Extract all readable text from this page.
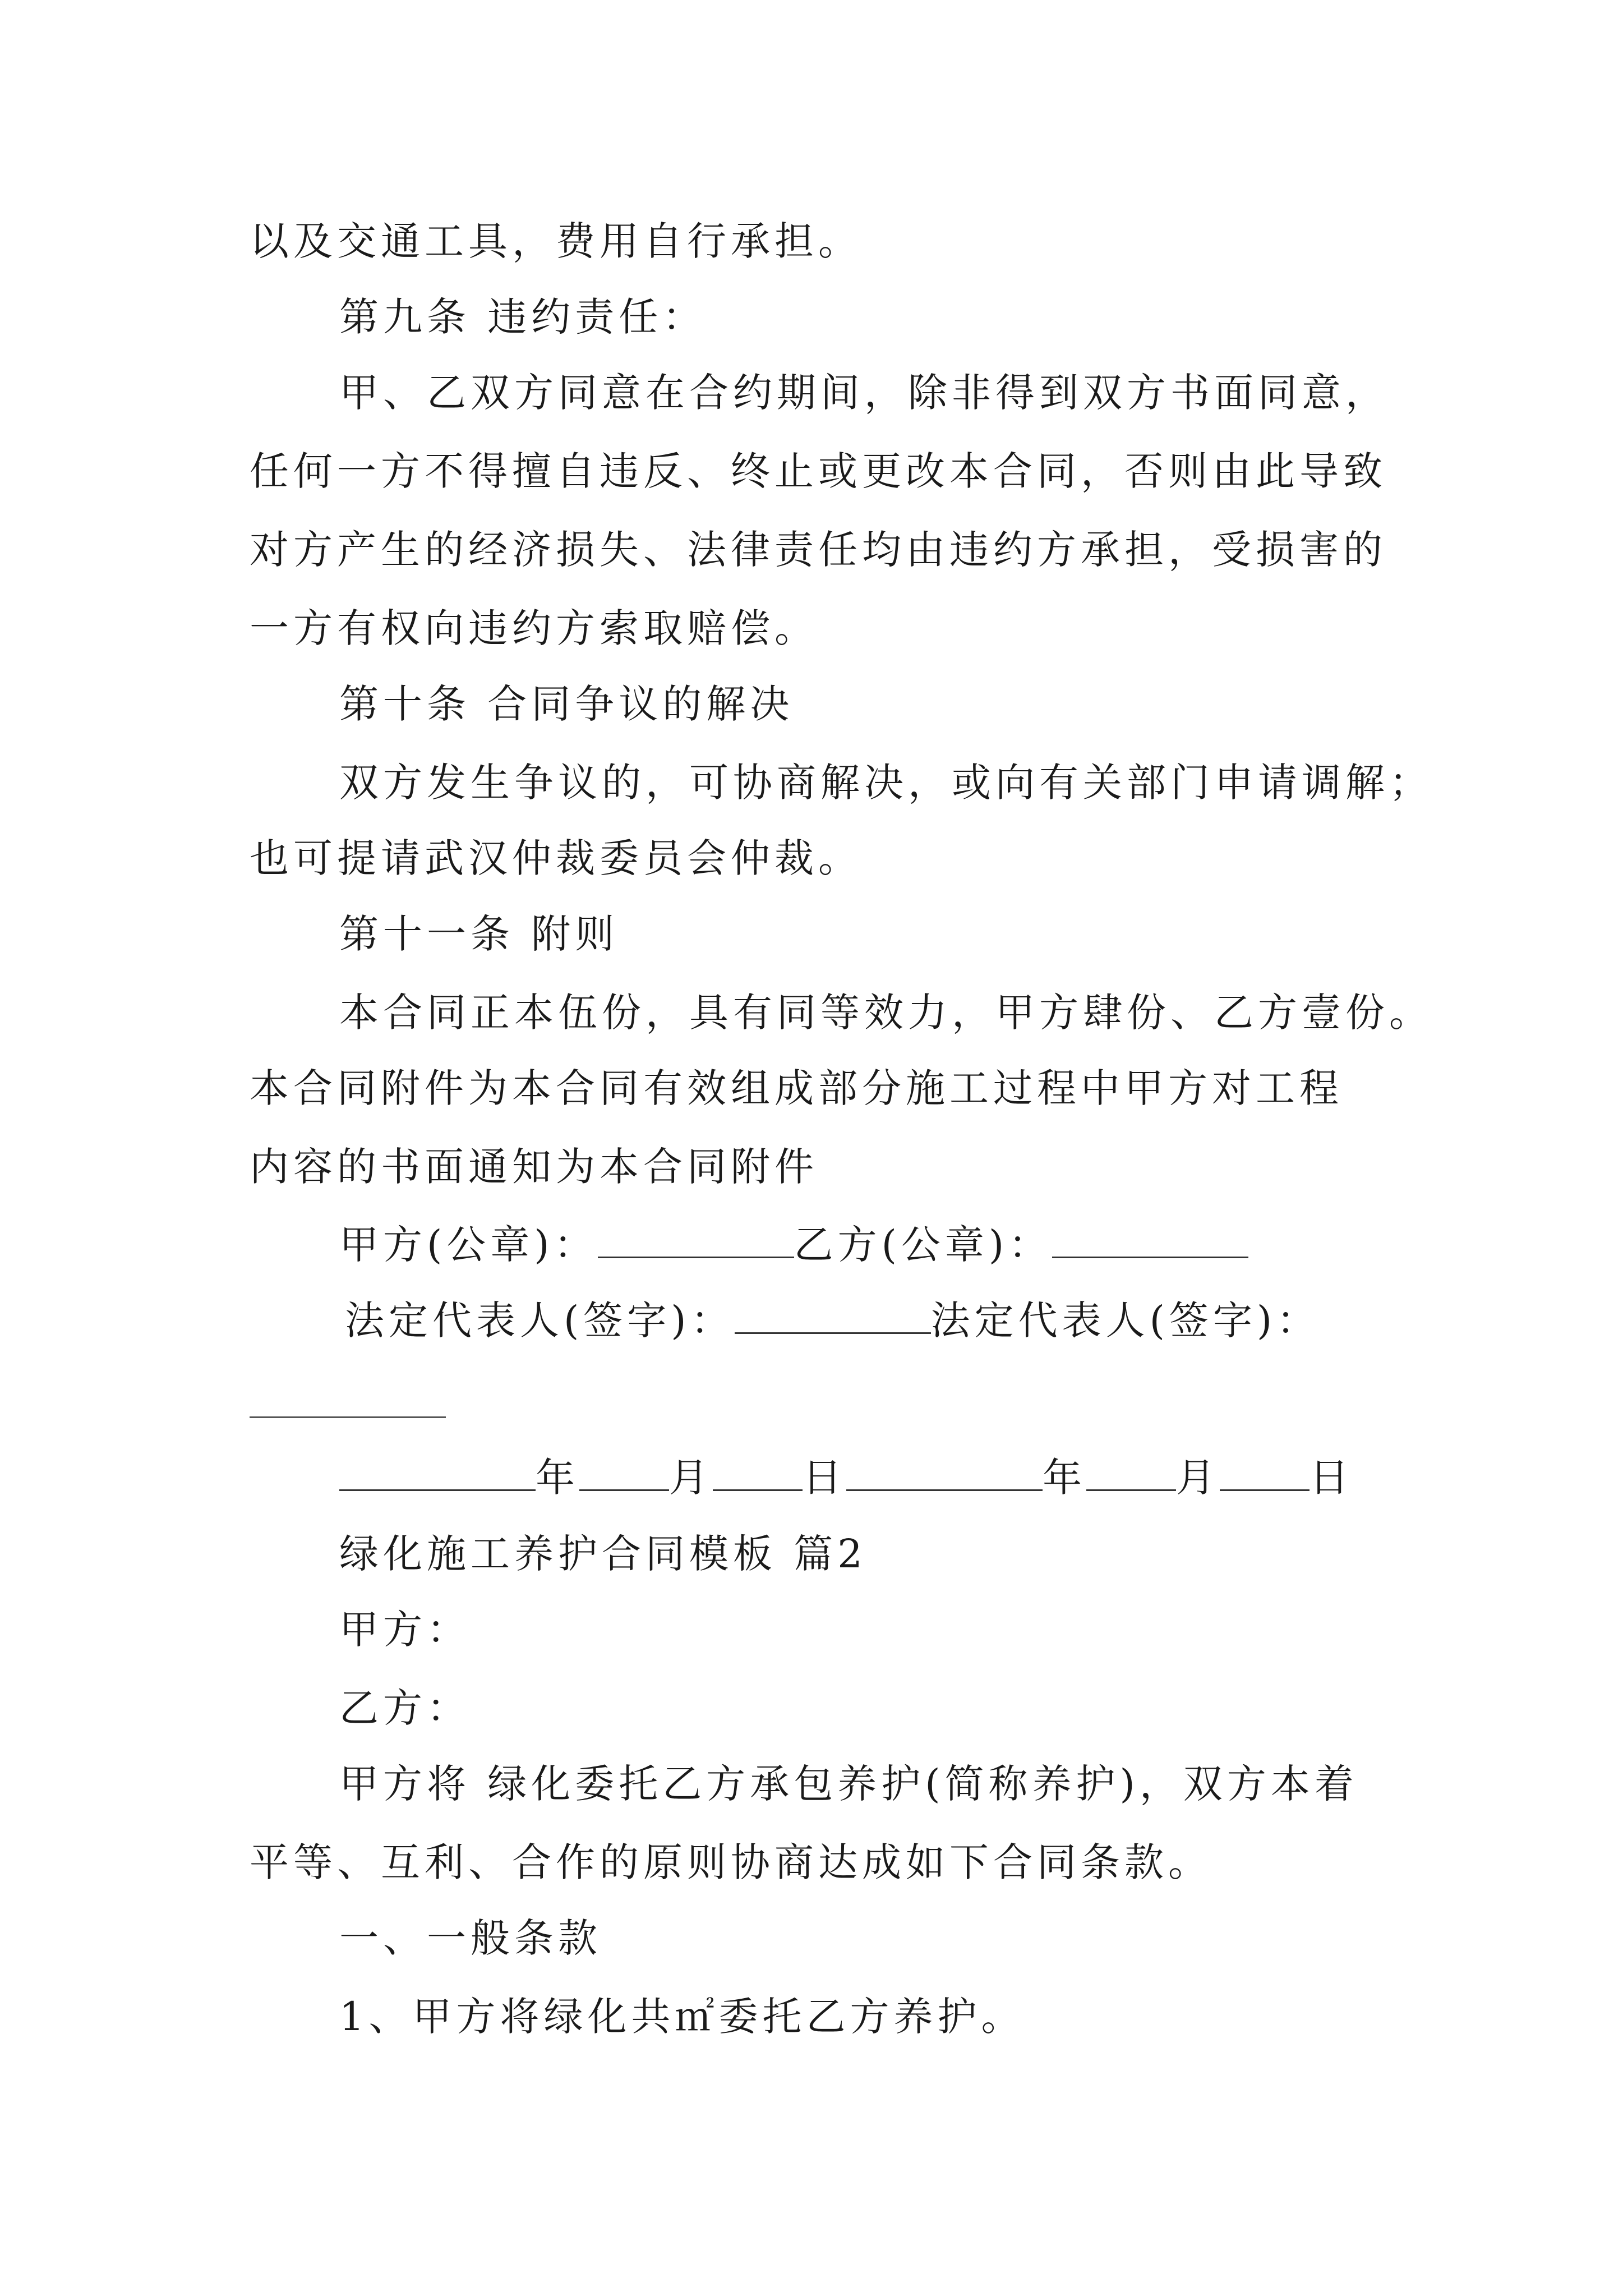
以及交通工具，费用自行承担。
第九条 违约责任：
甲、乙双方同意在合约期间，除非得到双方书面同意，
任何一方不得擅自违反、终止或更改本合同，否则由此导致
对方产生的经济损失、法律责任均由违约方承担，受损害的
一方有权向违约方索取赔偿。
第十条 合同争议的解决
双方发生争议的，可协商解决，或向有关部门申请调解；
也可提请武汉仲裁委员会仲裁。
第十一条 附则
本合同正本伍份，具有同等效力，甲方肆份、乙方壹份。
本合同附件为本合同有效组成部分施工过程中甲方对工程
内容的书面通知为本合同附件
甲方(公章)：	乙方(公章)：
法定代表人(签字)：	法定代表人(签字)：
年 月 日	年 月 日
绿化施工养护合同模板 篇2
甲方：
乙方：
甲方将 绿化委托乙方承包养护(简称养护)，双方本着
平等、互利、合作的原则协商达成如下合同条款。
一、一般条款
1、甲方将绿化共㎡委托乙方养护。
